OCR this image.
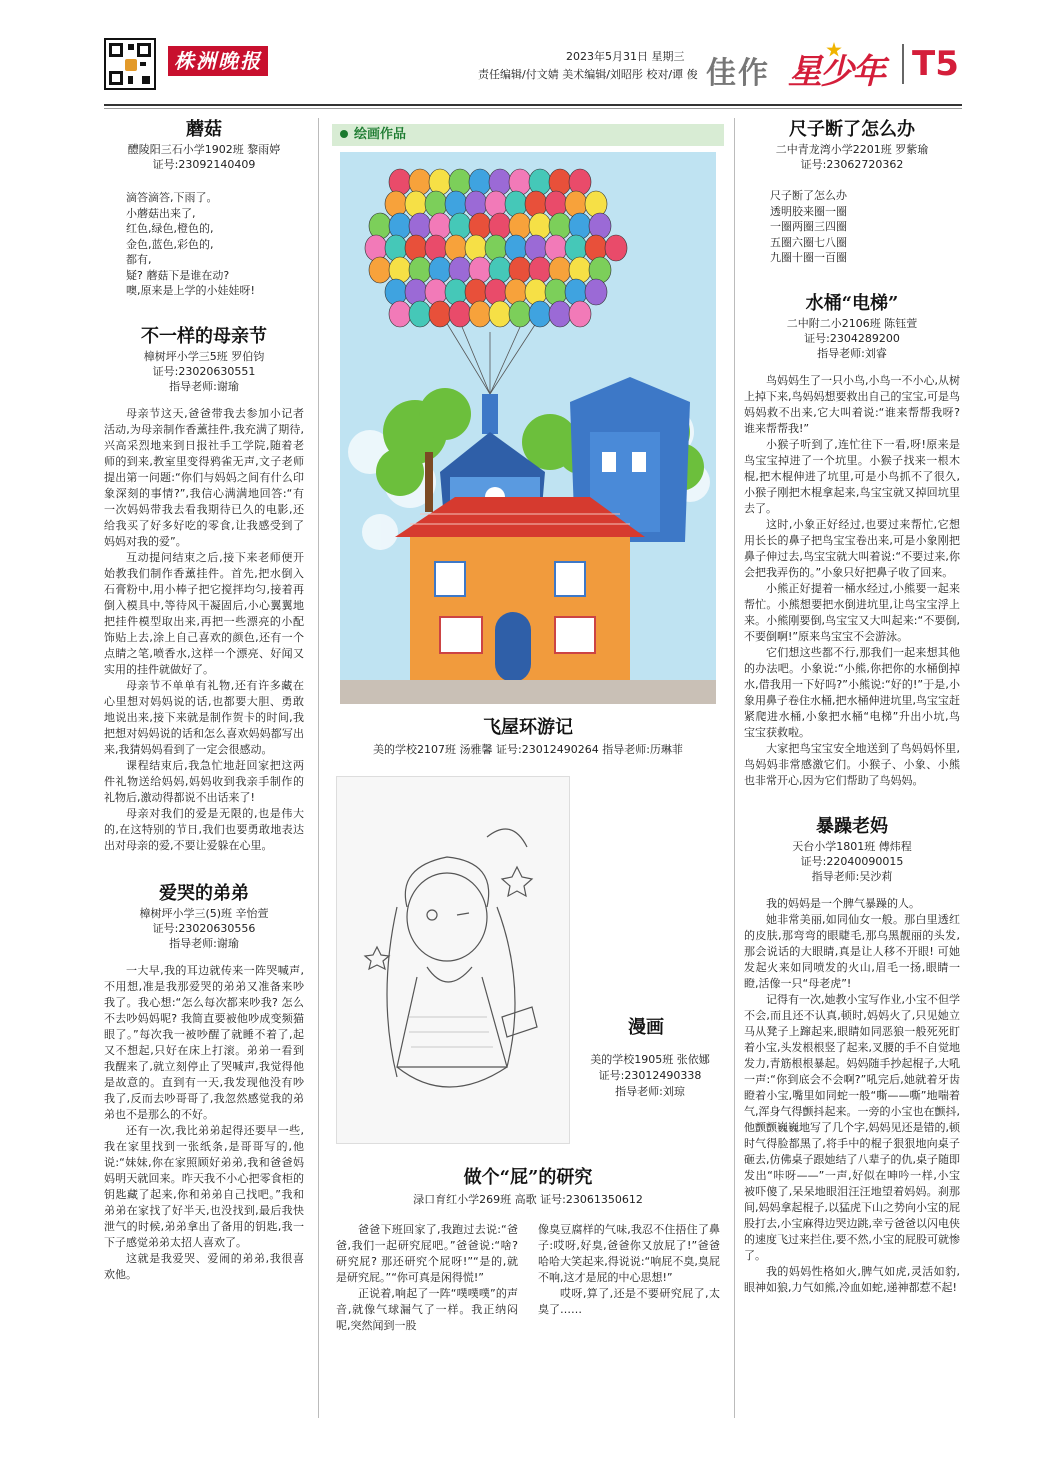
株洲晚报	2023年5月31日 星期三
责任编辑/付文婧 美术编辑/刘昭彤 校对/谭 俊 佳作 星少年 T5
蘑菇
醴陵阳三石小学1902班 黎雨婷
证号:23092140409
滴答滴答,下雨了。
小蘑菇出来了,
红色,绿色,橙色的,
金色,蓝色,彩色的,
都有,
疑? 蘑菇下是谁在动?
噢,原来是上学的小娃娃呀!
不一样的母亲节
樟树坪小学三5班 罗伯钧
证号:23020630551
指导老师:谢瑜

母亲节这天,爸爸带我去参加小记者活动,为母亲制作香薰挂件,我充满了期待,兴高采烈地来到日报社手工学院,随着老师的到来,教室里变得鸦雀无声,文子老师提出第一问题:“你们与妈妈之间有什么印象深刻的事情?”,我信心满满地回答:“有一次妈妈带我去看我期待已久的电影,还给我买了好多好吃的零食,让我感受到了妈妈对我的爱”。

互动提问结束之后,接下来老师便开始教我们制作香薰挂件。首先,把水倒入石膏粉中,用小棒子把它搅拌均匀,接着再倒入模具中,等待风干凝固后,小心翼翼地把挂件模型取出来,再把一些漂亮的小配饰贴上去,涂上自己喜欢的颜色,还有一个点睛之笔,喷香水,这样一个漂亮、好闻又实用的挂件就做好了。

母亲节不单单有礼物,还有许多藏在心里想对妈妈说的话,也都要大胆、勇敢地说出来,接下来就是制作贺卡的时间,我把想对妈妈说的话和怎么喜欢妈妈都写出来,我猜妈妈看到了一定会很感动。

课程结束后,我急忙地赶回家把这两件礼物送给妈妈,妈妈收到我亲手制作的礼物后,激动得都说不出话来了!

母亲对我们的爱是无限的,也是伟大的,在这特别的节日,我们也要勇敢地表达出对母亲的爱,不要让爱躲在心里。

爱哭的弟弟
樟树坪小学三(5)班 辛怡萱
证号:23020630556
指导老师:谢瑜

一大早,我的耳边就传来一阵哭喊声,不用想,准是我那爱哭的弟弟又准备来吵我了。我心想:“怎么每次都来吵我? 怎么不去吵妈妈呢? 我简直要被他吵成变频猫眼了。”每次我一被吵醒了就睡不着了,起又不想起,只好在床上打滚。弟弟一看到我醒来了,就立刻停止了哭喊声,我觉得他是故意的。直到有一天,我发现他没有吵我了,反而去吵哥哥了,我忽然感觉我的弟弟也不是那么的不好。

还有一次,我比弟弟起得还要早一些,我在家里找到一张纸条,是哥哥写的,他说:“妹妹,你在家照顾好弟弟,我和爸爸妈妈明天就回来。昨天我不小心把零食柜的钥匙藏了起来,你和弟弟自己找吧。”我和弟弟在家找了好半天,也没找到,最后我快泄气的时候,弟弟拿出了备用的钥匙,我一下子感觉弟弟太招人喜欢了。

这就是我爱哭、爱闹的弟弟,我很喜欢他。

绘画作品
飞屋环游记
美的学校2107班 汤雅馨 证号:23012490264 指导老师:历琳菲
漫画
美的学校1905班 张依娜
证号:23012490338
指导老师:刘琼
做个“屁”的研究
渌口育红小学269班 高歌 证号:23061350612

爸爸下班回家了,我跑过去说:“爸爸,我们一起研究屁吧。”爸爸说:“啥? 研究屁? 那还研究个屁呀!”“是的,就是研究屁。”“你可真是闲得慌!”

正说着,响起了一阵“噗噗噗”的声音,就像气球漏气了一样。我正纳闷呢,突然闻到一股

像臭豆腐样的气味,我忍不住捂住了鼻子:哎呀,好臭,爸爸你又放屁了!”爸爸哈哈大笑起来,得说说:“响屁不臭,臭屁不响,这才是屁的中心思想!”

哎呀,算了,还是不要研究屁了,太臭了……

尺子断了怎么办
二中青龙湾小学2201班 罗紫瑜
证号:23062720362
尺子断了怎么办
透明胶来圈一圈
一圈两圈三四圈
五圈六圈七八圈
九圈十圈一百圈
水桶“电梯”
二中附二小2106班 陈钰萱
证号:2304289200
指导老师:刘睿

鸟妈妈生了一只小鸟,小鸟一不小心,从树上掉下来,鸟妈妈想要救出自己的宝宝,可是鸟妈妈救不出来,它大叫着说:“谁来帮帮我呀? 谁来帮帮我!”

小猴子听到了,连忙往下一看,呀!原来是鸟宝宝掉进了一个坑里。小猴子找来一根木棍,把木棍伸进了坑里,可是小鸟抓不了很久,小猴子刚把木棍拿起来,鸟宝宝就又掉回坑里去了。

这时,小象正好经过,也要过来帮忙,它想用长长的鼻子把鸟宝宝卷出来,可是小象刚把鼻子伸过去,鸟宝宝就大叫着说:“不要过来,你会把我弄伤的。”小象只好把鼻子收了回来。

小熊正好提着一桶水经过,小熊要一起来帮忙。小熊想要把水倒进坑里,让鸟宝宝浮上来。小熊刚要倒,鸟宝宝又大叫起来:“不要倒,不要倒啊!”原来鸟宝宝不会游泳。

它们想这些都不行,那我们一起来想其他的办法吧。小象说:“小熊,你把你的水桶倒掉水,借我用一下好吗?”小熊说:“好的!”于是,小象用鼻子卷住水桶,把水桶伸进坑里,鸟宝宝赶紧爬进水桶,小象把水桶“电梯”升出小坑,鸟宝宝获救啦。

大家把鸟宝宝安全地送到了鸟妈妈怀里,鸟妈妈非常感激它们。小猴子、小象、小熊也非常开心,因为它们帮助了鸟妈妈。

暴躁老妈
天台小学1801班 傅炜程
证号:22040090015
指导老师:吴沙莉

我的妈妈是一个脾气暴躁的人。

她非常美丽,如同仙女一般。那白里透红的皮肤,那弯弯的眼睫毛,那乌黑靓丽的头发,那会说话的大眼睛,真是让人移不开眼! 可她发起火来如同喷发的火山,眉毛一扬,眼睛一瞪,活像一只“母老虎”!

记得有一次,她教小宝写作业,小宝不但学不会,而且还不认真,顿时,妈妈火了,只见她立马从凳子上蹿起来,眼睛如同恶狼一般死死盯着小宝,头发根根竖了起来,叉腰的手不自觉地发力,青筋根根暴起。妈妈随手抄起棍子,大吼一声:“你到底会不会啊?”吼完后,她就着牙齿瞪着小宝,嘴里如同蛇一般“嘶——嘶”地喘着气,浑身气得颤抖起来。一旁的小宝也在颤抖,他颤颤巍巍地写了几个字,妈妈见还是错的,顿时气得脸都黑了,将手中的棍子狠狠地向桌子砸去,仿佛桌子跟她结了八辈子的仇,桌子随即发出“咔呀——”一声,好似在呻吟一样,小宝被吓傻了,呆呆地眼泪汪汪地望着妈妈。刹那间,妈妈拿起棍子,以猛虎下山之势向小宝的屁股打去,小宝麻得边哭边跳,幸亏爸爸以闪电侠的速度飞过来拦住,要不然,小宝的屁股可就惨了。

我的妈妈性格如火,脾气如虎,灵活如豹,眼神如狼,力气如熊,冷血如蛇,递神都惹不起!
